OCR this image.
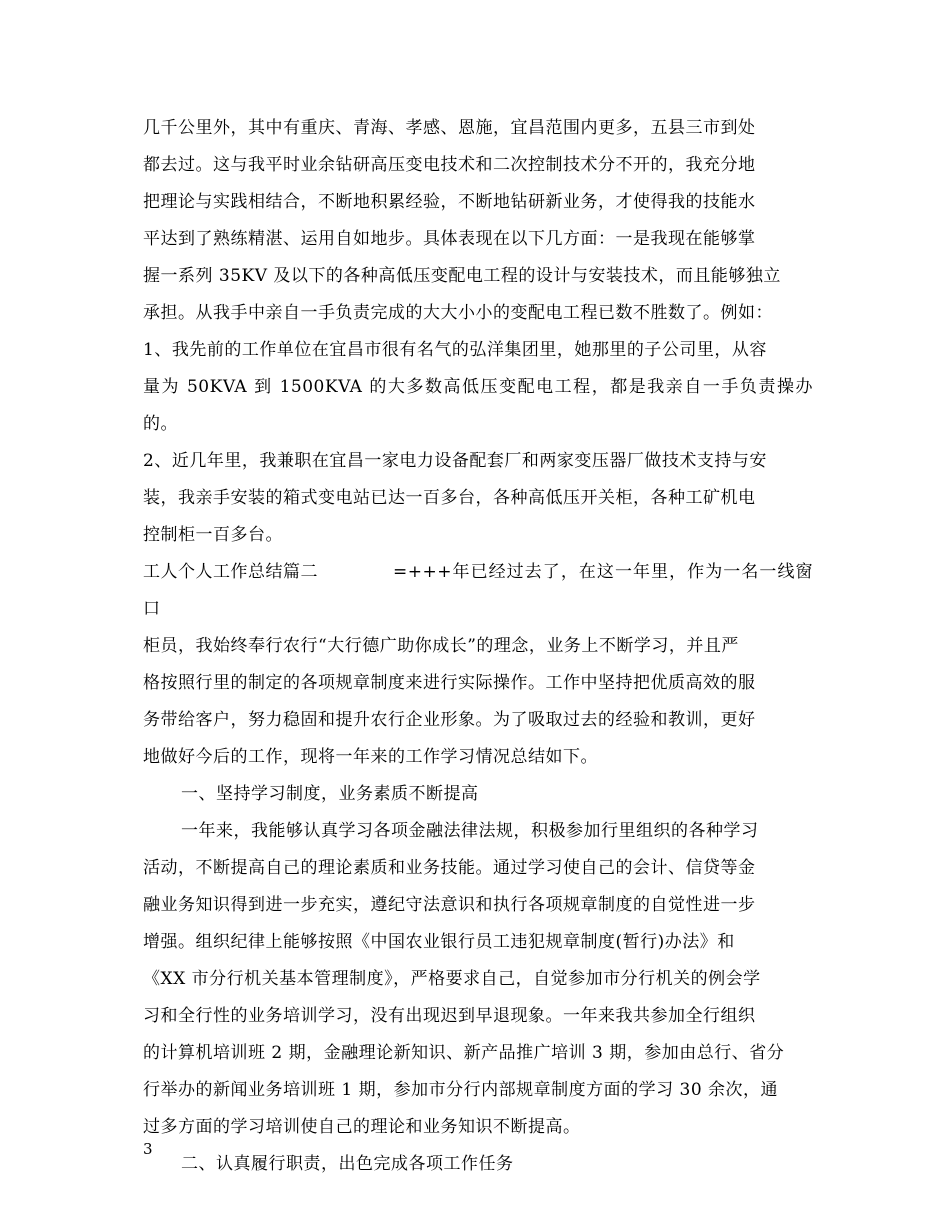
几千公里外，其中有重庆、青海、孝感、恩施，宜昌范围内更多，五县三市到处

都去过。这与我平时业余钻研高压变电技术和二次控制技术分不开的，我充分地

把理论与实践相结合，不断地积累经验，不断地钻研新业务，才使得我的技能水

平达到了熟练精湛、运用自如地步。具体表现在以下几方面：一是我现在能够掌

握一系列 35KV 及以下的各种高低压变配电工程的设计与安装技术，而且能够独立

承担。从我手中亲自一手负责完成的大大小小的变配电工程已数不胜数了。例如：

1、我先前的工作单位在宜昌市很有名气的弘洋集团里，她那里的子公司里，从容

量为 50KVA 到 1500KVA 的大多数高低压变配电工程，都是我亲自一手负责操办的。

2、近几年里，我兼职在宜昌一家电力设备配套厂和两家变压器厂做技术支持与安

装，我亲手安装的箱式变电站已达一百多台，各种高低压开关柜，各种工矿机电

控制柜一百多台。

工人个人工作总结篇二	=+++年已经过去了，在这一年里，作为一名一线窗口

柜员，我始终奉行农行“大行德广助你成长”的理念，业务上不断学习，并且严

格按照行里的制定的各项规章制度来进行实际操作。工作中坚持把优质高效的服

务带给客户，努力稳固和提升农行企业形象。为了吸取过去的经验和教训，更好

地做好今后的工作，现将一年来的工作学习情况总结如下。

一、坚持学习制度，业务素质不断提高

一年来，我能够认真学习各项金融法律法规，积极参加行里组织的各种学习

活动，不断提高自己的理论素质和业务技能。通过学习使自己的会计、信贷等金

融业务知识得到进一步充实，遵纪守法意识和执行各项规章制度的自觉性进一步

增强。组织纪律上能够按照《中国农业银行员工违犯规章制度(暂行)办法》和

《XX 市分行机关基本管理制度》，严格要求自己，自觉参加市分行机关的例会学

习和全行性的业务培训学习，没有出现迟到早退现象。一年来我共参加全行组织

的计算机培训班 2 期，金融理论新知识、新产品推广培训 3 期，参加由总行、省分

行举办的新闻业务培训班 1 期，参加市分行内部规章制度方面的学习 30 余次，通

过多方面的学习培训使自己的理论和业务知识不断提高。

二、认真履行职责，出色完成各项工作任务

3
